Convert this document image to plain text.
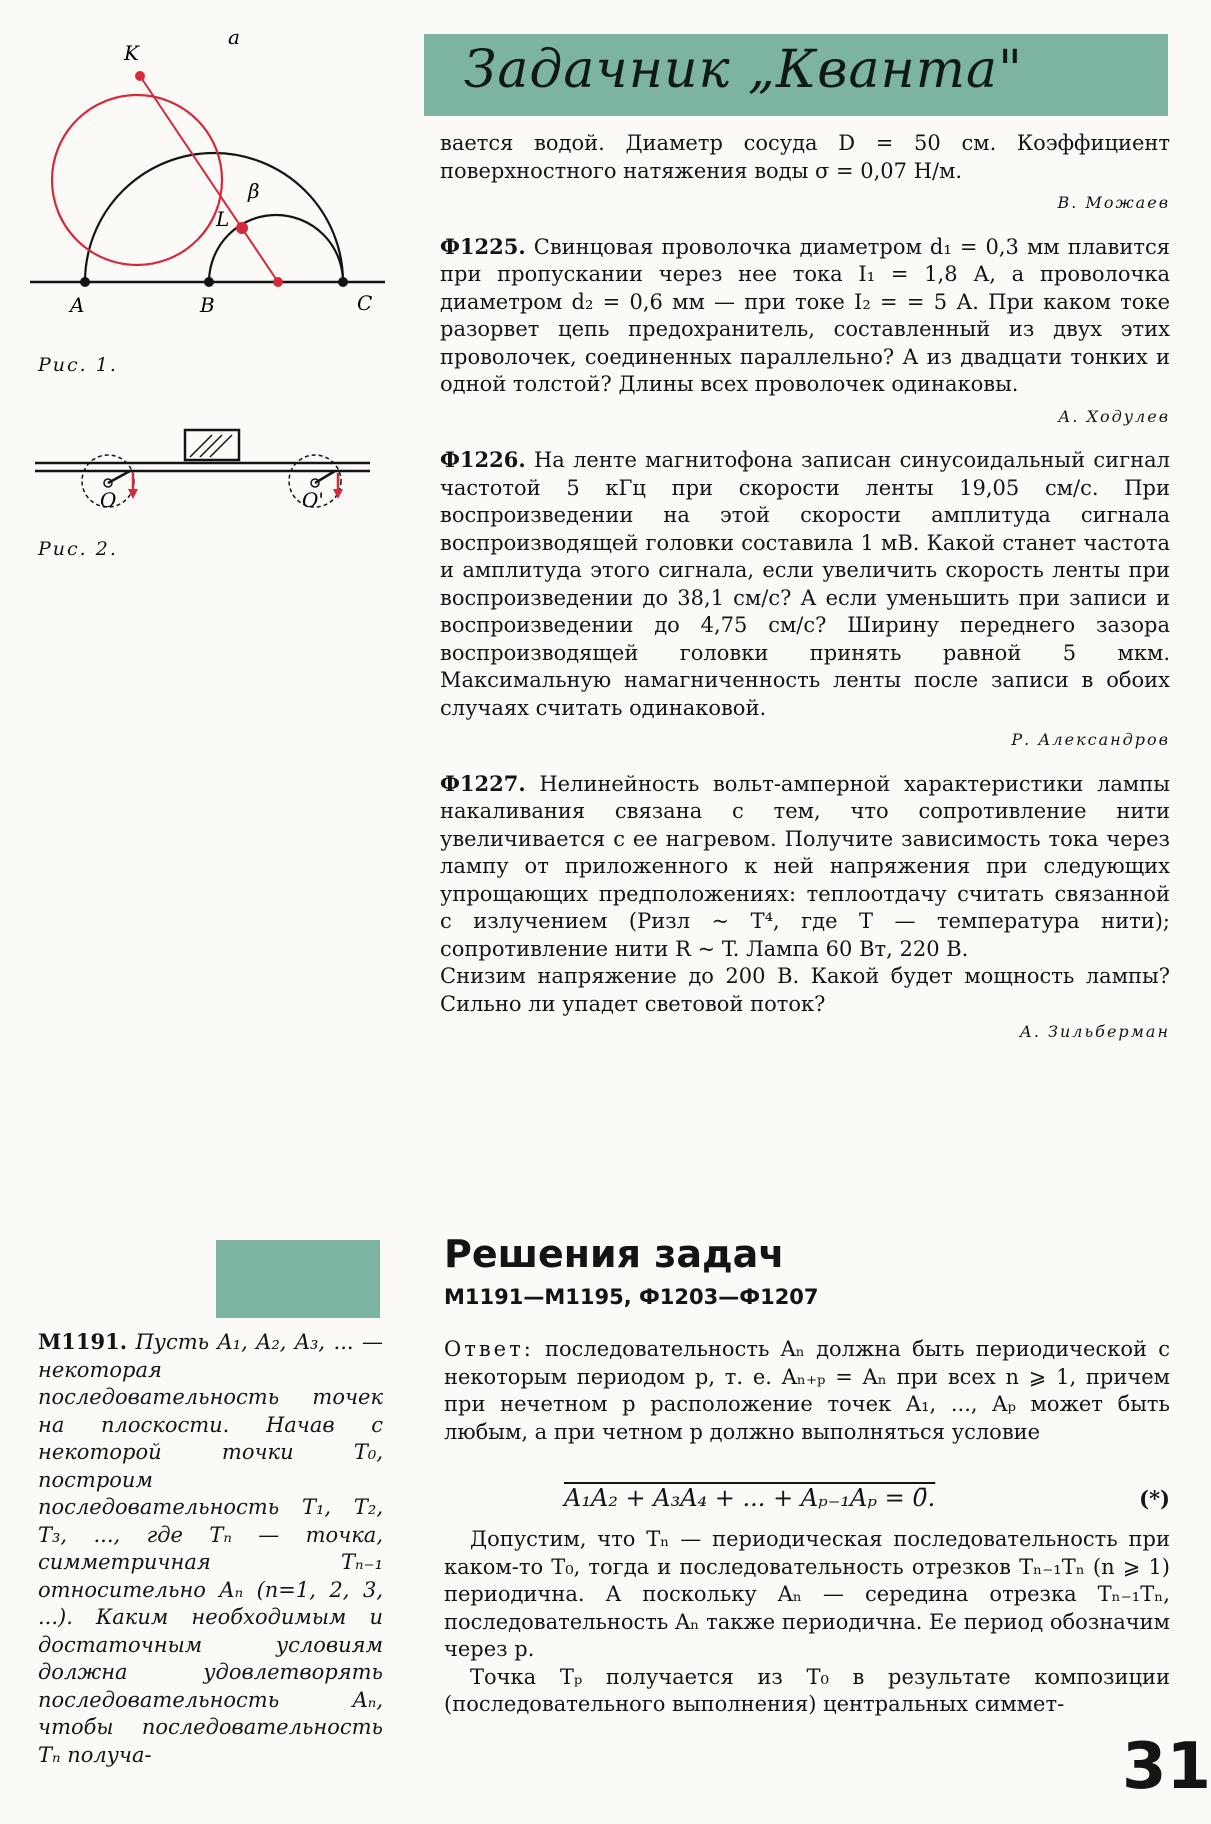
K
a
L
β
A	B	C
Рис. 1.
O	O'
Рис. 2.
Задачник „Кванта"

вается водой. Диаметр сосуда D = 50 см. Коэффициент поверхностного натяжения воды σ = 0,07 Н/м.

В. Можаев

Ф1225. Свинцовая проволочка диаметром d₁ = 0,3 мм плавится при пропускании через нее тока I₁ = 1,8 А, а проволочка диаметром d₂ = 0,6 мм — при токе I₂ = = 5 А. При каком токе разорвет цепь предохранитель, составленный из двух этих проволочек, соединенных параллельно? А из двадцати тонких и одной толстой? Длины всех проволочек одинаковы.

А. Ходулев

Ф1226. На ленте магнитофона записан синусоидальный сигнал частотой 5 кГц при скорости ленты 19,05 см/с. При воспроизведении на этой скорости амплитуда сигнала воспроизводящей головки составила 1 мВ. Какой станет частота и амплитуда этого сигнала, если увеличить скорость ленты при воспроизведении до 38,1 см/с? А если уменьшить при записи и воспроизведении до 4,75 см/с? Ширину переднего зазора воспроизводящей головки принять равной 5 мкм. Максимальную намагниченность ленты после записи в обоих случаях считать одинаковой.

Р. Александров

Ф1227. Нелинейность вольт-амперной характеристики лампы накаливания связана с тем, что сопротивление нити увеличивается с ее нагревом. Получите зависимость тока через лампу от приложенного к ней напряжения при следующих упрощающих предположениях: теплоотдачу считать связанной с излучением (Pизл ~ T⁴, где T — температура нити); сопротивление нити R ~ T. Лампа 60 Вт, 220 В.

Снизим напряжение до 200 В. Какой будет мощность лампы? Сильно ли упадет световой поток?

А. Зильберман
Решения задач
М1191—М1195, Ф1203—Ф1207
М1191. Пусть A₁, A₂, A₃, ... — некоторая последовательность точек на плоскости. Начав с некоторой точки T₀, построим последовательность T₁, T₂, T₃, ..., где Tₙ — точка, симметричная Tₙ₋₁ относительно Aₙ (n=1, 2, 3, ...). Каким необходимым и достаточным условиям должна удовлетворять последовательность Aₙ, чтобы последовательность Tₙ получа-

Ответ: последовательность Aₙ должна быть периодической с некоторым периодом p, т. е. Aₙ₊ₚ = Aₙ при всех n ⩾ 1, причем при нечетном p расположение точек A₁, ..., Aₚ может быть любым, а при четном p должно выполняться условие

A₁A₂ + A₃A₄ + ... + Aₚ₋₁Aₚ = 0̄.	(*)

Допустим, что Tₙ — периодическая последовательность при каком-то T₀, тогда и последовательность отрезков Tₙ₋₁Tₙ (n ⩾ 1) периодична. А поскольку Aₙ — середина отрезка Tₙ₋₁Tₙ, последовательность Aₙ также периодична. Ее период обозначим через p.

Точка Tₚ получается из T₀ в результате композиции (последовательного выполнения) центральных симмет-

31
